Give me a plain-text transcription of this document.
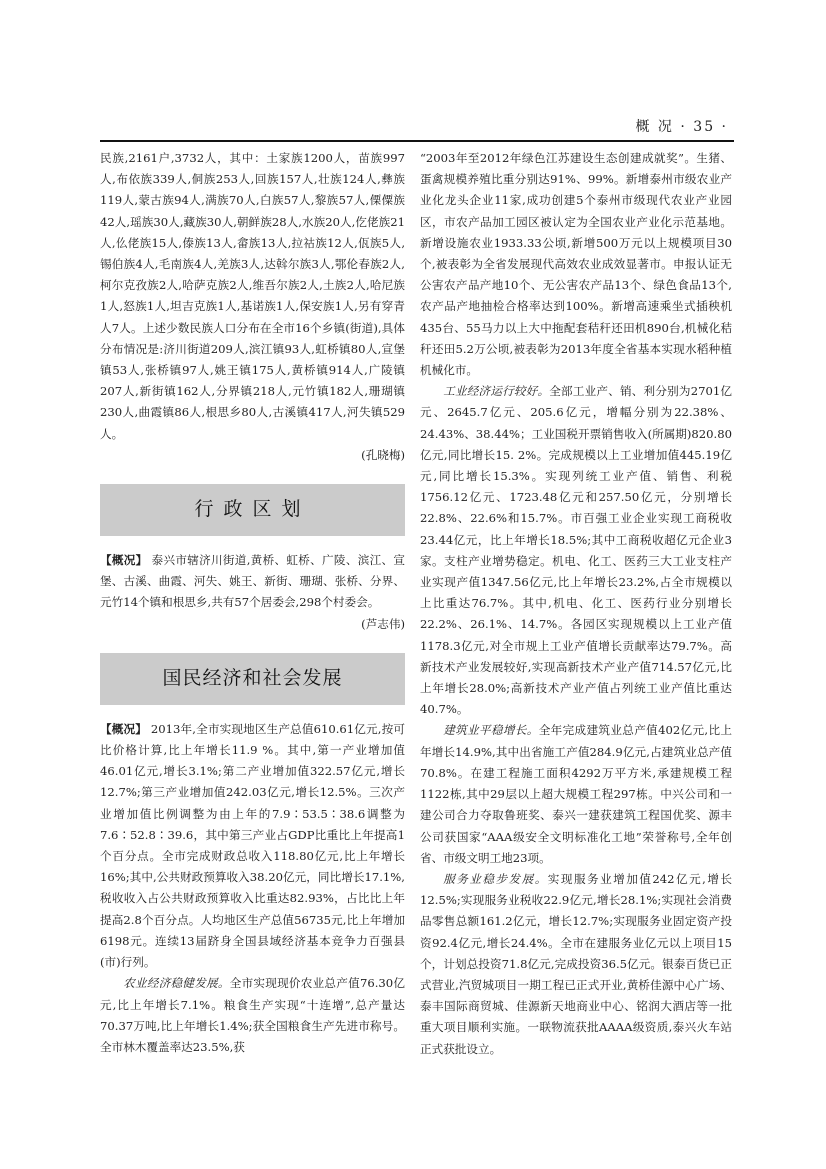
概 况 · 35 ·

民族,2161户,3732人，其中：土家族1200人，苗族997人,布依族339人,侗族253人,回族157人,壮族124人,彝族119人,蒙古族94人,满族70人,白族57人,黎族57人,傈僳族42人,瑶族30人,藏族30人,朝鲜族28人,水族20人,仡佬族21人,仫佬族15人,傣族13人,畲族13人,拉祜族12人,佤族5人,锡伯族4人,毛南族4人,羌族3人,达斡尔族3人,鄂伦春族2人,柯尔克孜族2人,哈萨克族2人,维吾尔族2人,土族2人,哈尼族1人,怒族1人,坦吉克族1人,基诺族1人,保安族1人,另有穿青人7人。上述少数民族人口分布在全市16个乡镇(街道),具体分布情况是:济川街道209人,滨江镇93人,虹桥镇80人,宣堡镇53人,张桥镇97人,姚王镇175人,黄桥镇914人,广陵镇207人,新街镇162人,分界镇218人,元竹镇182人,珊瑚镇230人,曲霞镇86人,根思乡80人,古溪镇417人,河失镇529人。

(孔晓梅)

行政区划

【概况】 泰兴市辖济川街道,黄桥、虹桥、广陵、滨江、宣堡、古溪、曲霞、河失、姚王、新街、珊瑚、张桥、分界、元竹14个镇和根思乡,共有57个居委会,298个村委会。

(芦志伟)

国民经济和社会发展

【概况】 2013年,全市实现地区生产总值610.61亿元,按可比价格计算,比上年增长11.9 %。其中,第一产业增加值46.01亿元,增长3.1%;第二产业增加值322.57亿元,增长12.7%;第三产业增加值242.03亿元,增长12.5%。三次产业增加值比例调整为由上年的7.9∶53.5∶38.6调整为7.6∶52.8∶39.6，其中第三产业占GDP比重比上年提高1个百分点。全市完成财政总收入118.80亿元,比上年增长16%;其中,公共财政预算收入38.20亿元，同比增长17.1%,税收收入占公共财政预算收入比重达82.93%，占比比上年提高2.8个百分点。人均地区生产总值56735元,比上年增加6198元。连续13届跻身全国县域经济基本竞争力百强县(市)行列。

农业经济稳健发展。全市实现现价农业总产值76.30亿元,比上年增长7.1%。粮食生产实现“十连增”,总产量达70.37万吨,比上年增长1.4%;获全国粮食生产先进市称号。全市林木覆盖率达23.5%,获

“2003年至2012年绿色江苏建设生态创建成就奖”。生猪、蛋禽规模养殖比重分别达91%、99%。新增泰州市级农业产业化龙头企业11家,成功创建5个泰州市级现代农业产业园区，市农产品加工园区被认定为全国农业产业化示范基地。新增设施农业1933.33公顷,新增500万元以上规模项目30个,被表彰为全省发展现代高效农业成效显著市。申报认证无公害农产品产地10个、无公害农产品13个、绿色食品13个,农产品产地抽检合格率达到100%。新增高速乘坐式插秧机435台、55马力以上大中拖配套秸秆还田机890台,机械化秸秆还田5.2万公顷,被表彰为2013年度全省基本实现水稻种植机械化市。

工业经济运行较好。全部工业产、销、利分别为2701亿元、2645.7亿元、205.6亿元，增幅分别为22.38%、24.43%、38.44%；工业国税开票销售收入(所属期)820.80亿元,同比增长15. 2%。完成规模以上工业增加值445.19亿元,同比增长15.3%。实现列统工业产值、销售、利税1756.12亿元、1723.48亿元和257.50亿元，分别增长22.8%、22.6%和15.7%。市百强工业企业实现工商税收23.44亿元，比上年增长18.5%;其中工商税收超亿元企业3家。支柱产业增势稳定。机电、化工、医药三大工业支柱产业实现产值1347.56亿元,比上年增长23.2%,占全市规模以上比重达76.7%。其中,机电、化工、医药行业分别增长22.2%、26.1%、14.7%。各园区实现规模以上工业产值1178.3亿元,对全市规上工业产值增长贡献率达79.7%。高新技术产业发展较好,实现高新技术产业产值714.57亿元,比上年增长28.0%;高新技术产业产值占列统工业产值比重达40.7%。

建筑业平稳增长。全年完成建筑业总产值402亿元,比上年增长14.9%,其中出省施工产值284.9亿元,占建筑业总产值70.8%。在建工程施工面积4292万平方米,承建规模工程1122栋,其中29层以上超大规模工程297栋。中兴公司和一建公司合力夺取鲁班奖、泰兴一建获建筑工程国优奖、源丰公司获国家“AAA级安全文明标准化工地”荣誉称号,全年创省、市级文明工地23项。

服务业稳步发展。实现服务业增加值242亿元,增长12.5%;实现服务业税收22.9亿元,增长28.1%;实现社会消费品零售总额161.2亿元，增长12.7%;实现服务业固定资产投资92.4亿元,增长24.4%。全市在建服务业亿元以上项目15个，计划总投资71.8亿元,完成投资36.5亿元。银泰百货已正式营业,汽贸城项目一期工程已正式开业,黄桥佳源中心广场、泰丰国际商贸城、佳源新天地商业中心、铭润大酒店等一批重大项目顺利实施。一联物流获批AAAA级资质,泰兴火车站正式获批设立。
